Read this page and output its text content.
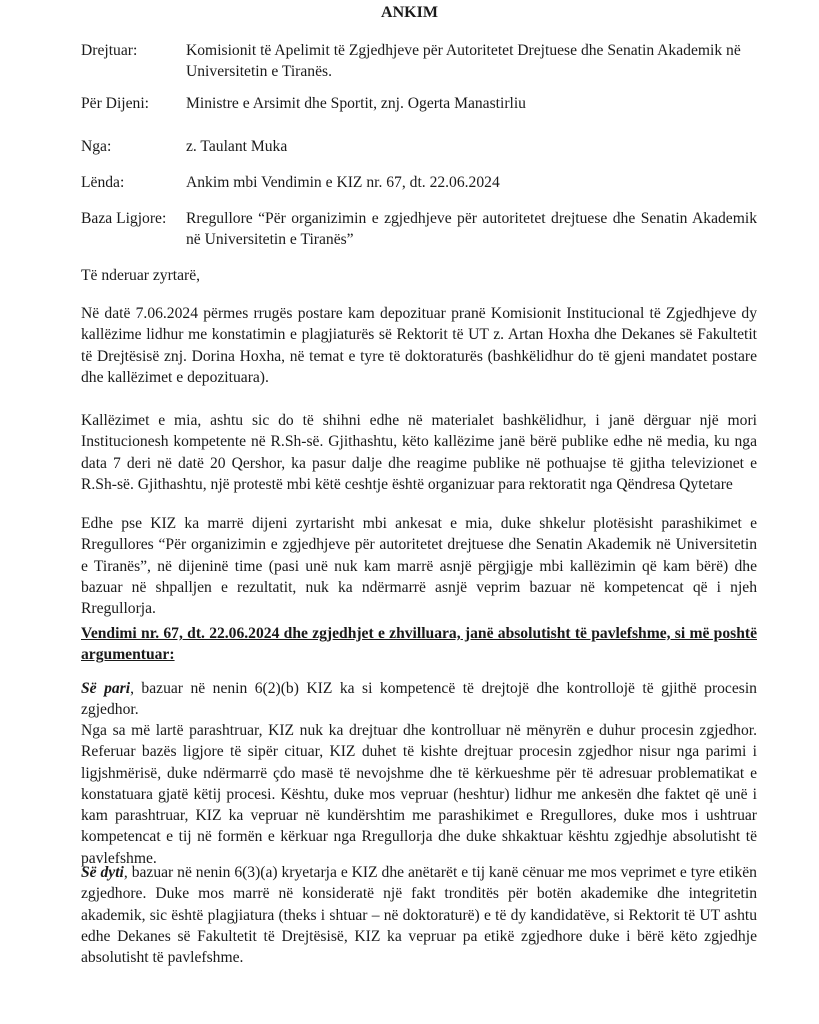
ANKIM
Drejtuar:	Komisionit të Apelimit të Zgjedhjeve për Autoritetet Drejtuese dhe Senatin Akademik në Universitetin e Tiranës.
Për Dijeni:	Ministre e Arsimit dhe Sportit, znj. Ogerta Manastirliu
Nga:	z. Taulant Muka
Lënda:	Ankim mbi Vendimin e KIZ nr. 67, dt. 22.06.2024
Baza Ligjore:	Rregullore “Për organizimin e zgjedhjeve për autoritetet drejtuese dhe Senatin Akademik në Universitetin e Tiranës”
Të nderuar zyrtarë,
Në datë 7.06.2024 përmes rrugës postare kam depozituar pranë Komisionit Institucional të Zgjedhjeve dy kallëzime lidhur me konstatimin e plagjiaturës së Rektorit të UT z. Artan Hoxha dhe Dekanes së Fakultetit të Drejtësisë znj. Dorina Hoxha, në temat e tyre të doktoraturës (bashkëlidhur do të gjeni mandatet postare dhe kallëzimet e depozituara).
Kallëzimet e mia, ashtu sic do të shihni edhe në materialet bashkëlidhur, i janë dërguar një mori Institucionesh kompetente në R.Sh-së. Gjithashtu, këto kallëzime janë bërë publike edhe në media, ku nga data 7 deri në datë 20 Qershor, ka pasur dalje dhe reagime publike në pothuajse të gjitha televizionet e R.Sh-së. Gjithashtu, një protestë mbi këtë ceshtje është organizuar para rektoratit nga Qëndresa Qytetare
Edhe pse KIZ ka marrë dijeni zyrtarisht mbi ankesat e mia, duke shkelur plotësisht parashikimet e Rregullores “Për organizimin e zgjedhjeve për autoritetet drejtuese dhe Senatin Akademik në Universitetin e Tiranës”, në dijeninë time (pasi unë nuk kam marrë asnjë përgjigje mbi kallëzimin që kam bërë) dhe bazuar në shpalljen e rezultatit, nuk ka ndërmarrë asnjë veprim bazuar në kompetencat që i njeh Rregullorja.
Vendimi nr. 67, dt. 22.06.2024 dhe zgjedhjet e zhvilluara, janë absolutisht të pavlefshme, si më poshtë argumentuar:
Së pari, bazuar në nenin 6(2)(b) KIZ ka si kompetencë të drejtojë dhe kontrollojë të gjithë procesin zgjedhor.
Nga sa më lartë parashtruar, KIZ nuk ka drejtuar dhe kontrolluar në mënyrën e duhur procesin zgjedhor. Referuar bazës ligjore të sipër cituar, KIZ duhet të kishte drejtuar procesin zgjedhor nisur nga parimi i ligjshmërisë, duke ndërmarrë çdo masë të nevojshme dhe të kërkueshme për të adresuar problematikat e konstatuara gjatë këtij procesi. Kështu, duke mos vepruar (heshtur) lidhur me ankesën dhe faktet që unë i kam parashtruar, KIZ ka vepruar në kundërshtim me parashikimet e Rregullores, duke mos i ushtruar kompetencat e tij në formën e kërkuar nga Rregullorja dhe duke shkaktuar kështu zgjedhje absolutisht të pavlefshme.
Së dyti, bazuar në nenin 6(3)(a) kryetarja e KIZ dhe anëtarët e tij kanë cënuar me mos veprimet e tyre etikën zgjedhore. Duke mos marrë në konsideratë një fakt tronditës për botën akademike dhe integritetin akademik, sic është plagjiatura (theks i shtuar – në doktoraturë) e të dy kandidatëve, si Rektorit të UT ashtu edhe Dekanes së Fakultetit të Drejtësisë, KIZ ka vepruar pa etikë zgjedhore duke i bërë këto zgjedhje absolutisht të pavlefshme.
